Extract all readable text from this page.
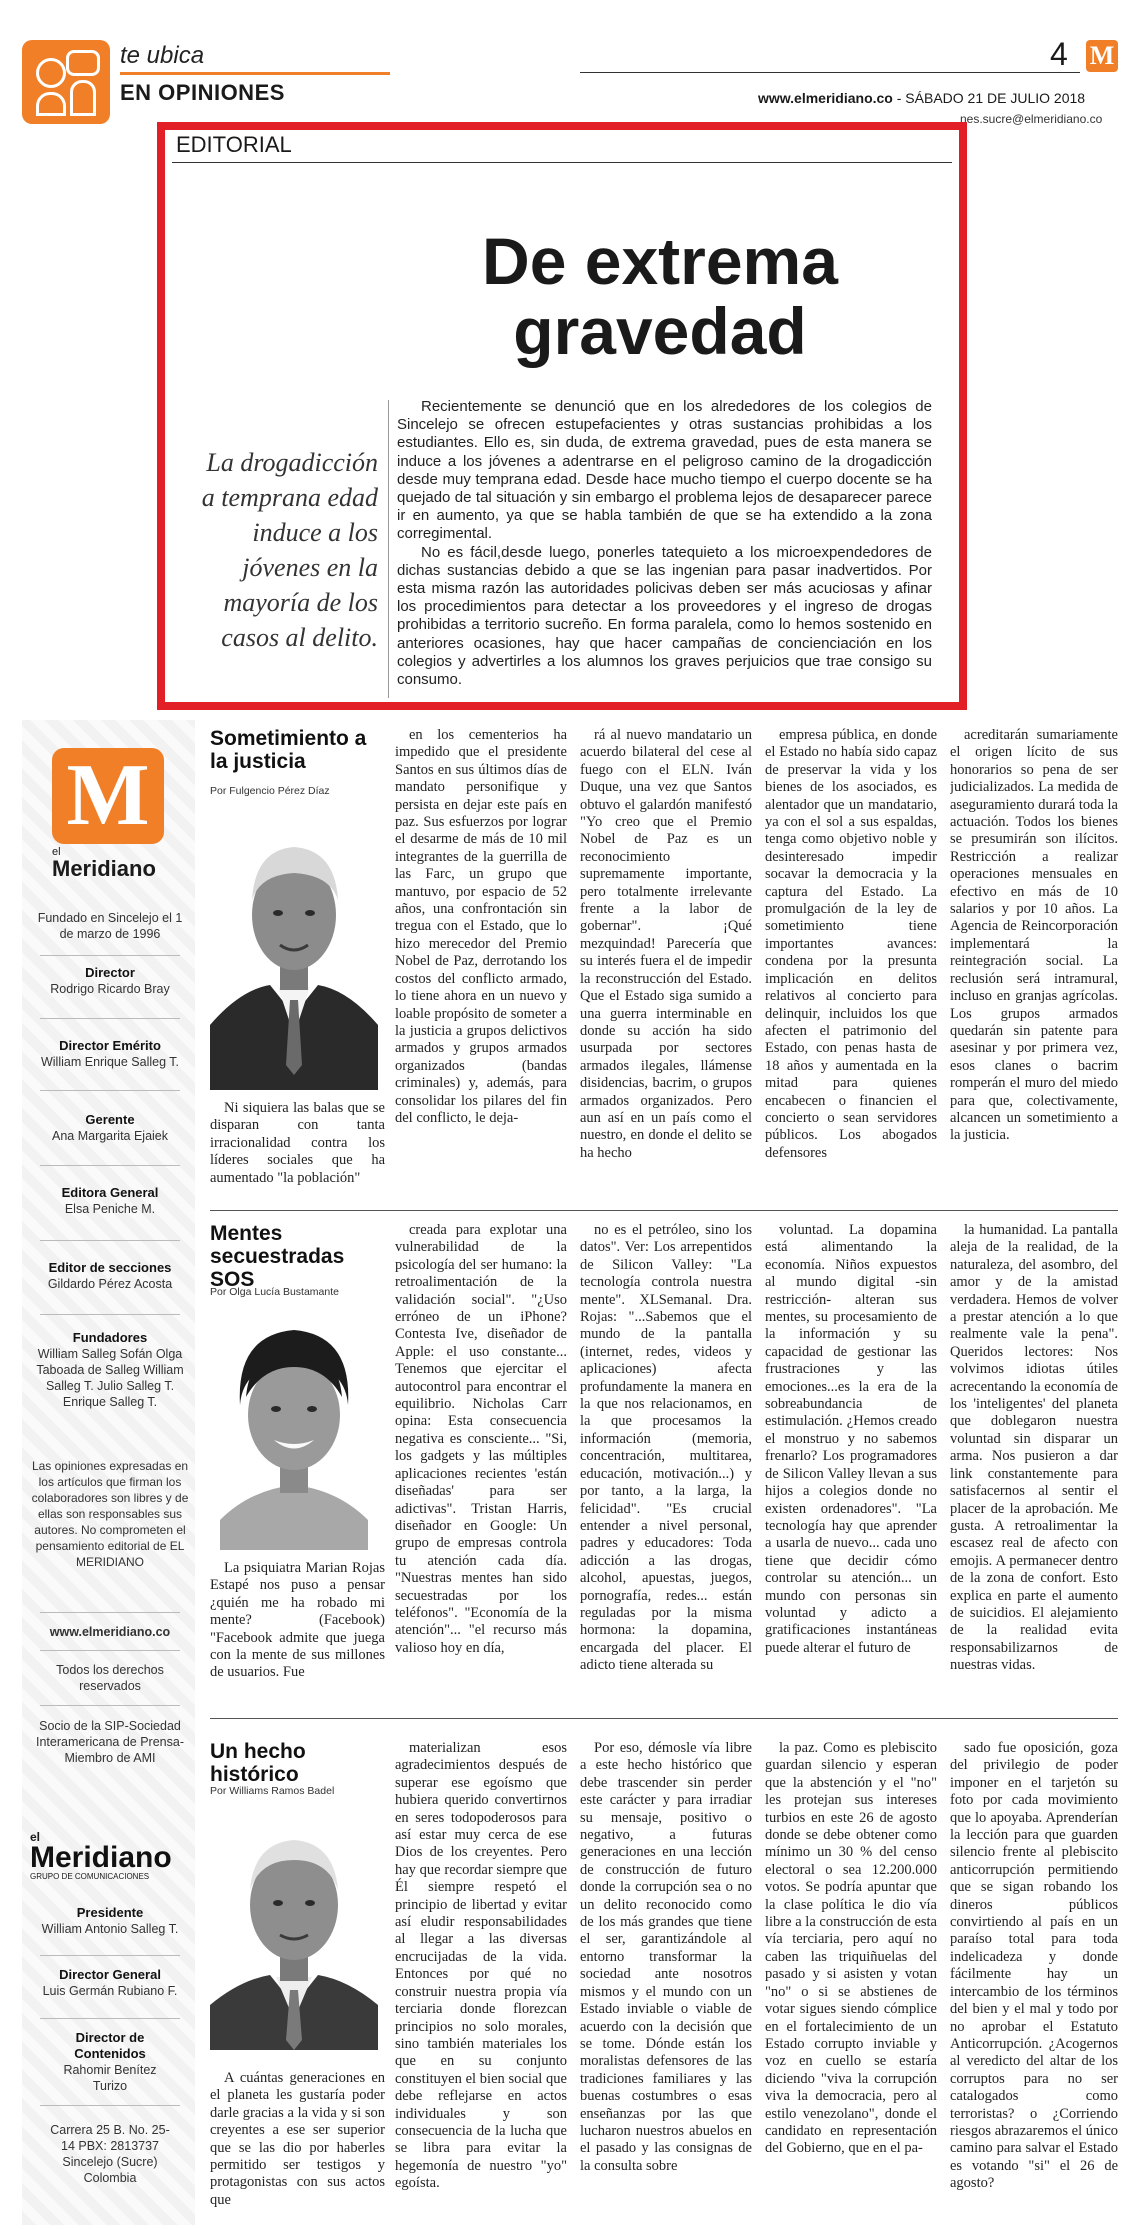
te ubica
EN OPINIONES
4 M
www.elmeridiano.co - SÁBADO 21 DE JULIO 2018
nes.sucre@elmeridiano.co
EDITORIAL
De extrema gravedad
La drogadicción a temprana edad induce a los jóvenes en la mayoría de los casos al delito.

Recientemente se denunció que en los alrededores de los colegios de Sincelejo se ofrecen estupefacientes y otras sustancias prohibidas a los estudiantes. Ello es, sin duda, de extrema gravedad, pues de esta manera se induce a los jóvenes a adentrarse en el peligroso camino de la drogadicción desde muy temprana edad. Desde hace mucho tiempo el cuerpo docente se ha quejado de tal situación y sin embargo el problema lejos de desaparecer parece ir en aumento, ya que se habla también de que se ha extendido a la zona corregimental.

No es fácil,desde luego, ponerles tatequieto a los microexpendedores de dichas sustancias debido a que se las ingenian para pasar inadvertidos. Por esta misma razón las autoridades policivas deben ser más acuciosas y afinar los procedimientos para detectar a los proveedores y el ingreso de drogas prohibidas a territorio sucreño. En forma paralela, como lo hemos sostenido en anteriores ocasiones, hay que hacer campañas de concienciación en los colegios y advertirles a los alumnos los graves perjuicios que trae consigo su consumo.

M
el
Meridiano
Fundado en Sincelejo el 1 de marzo de 1996
Director
Rodrigo Ricardo Bray
Director Emérito
William Enrique Salleg T.
Gerente
Ana Margarita Ejaiek
Editora General
Elsa Peniche M.
Editor de secciones
Gildardo Pérez Acosta
Fundadores
William Salleg Sofán Olga Taboada de Salleg William Salleg T. Julio Salleg T. Enrique Salleg T.
Las opiniones expresadas en los artículos que firman los colaboradores son libres y de ellas son responsables sus autores. No comprometen el pensamiento editorial de EL MERIDIANO
www.elmeridiano.co
Todos los derechos reservados
Socio de la SIP-Sociedad Interamericana de Prensa- Miembro de AMI
el
Meridiano
GRUPO DE COMUNICACIONES
Presidente
William Antonio Salleg T.
Director General
Luis Germán Rubiano F.
Director de Contenidos
Rahomir Benítez Turizo
Carrera 25 B. No. 25-14 PBX: 2813737 Sincelejo (Sucre) Colombia
Sometimiento a la justicia
Por Fulgencio Pérez Díaz

Ni siquiera las balas que se disparan con tanta irracionalidad contra los líderes sociales que ha aumentado "la población"

en los cementerios ha impedido que el presidente Santos en sus últimos días de mandato personifique y persista en dejar este país en paz. Sus esfuerzos por lograr el desarme de más de 10 mil integrantes de la guerrilla de las Farc, un grupo que mantuvo, por espacio de 52 años, una confrontación sin tregua con el Estado, que lo hizo merecedor del Premio Nobel de Paz, derrotando los costos del conflicto armado, lo tiene ahora en un nuevo y loable propósito de someter a la justicia a grupos delictivos armados y grupos armados organizados (bandas criminales) y, además, para consolidar los pilares del fin del conflicto, le deja-

rá al nuevo mandatario un acuerdo bilateral del cese al fuego con el ELN. Iván Duque, una vez que Santos obtuvo el galardón manifestó "Yo creo que el Premio Nobel de Paz es un reconocimiento supremamente importante, pero totalmente irrelevante frente a la labor de gobernar". ¡Qué mezquindad! Parecería que su interés fuera el de impedir la reconstrucción del Estado. Que el Estado siga sumido a una guerra interminable en donde su acción ha sido usurpada por sectores armados ilegales, llámense disidencias, bacrim, o grupos armados organizados. Pero aun así en un país como el nuestro, en donde el delito se ha hecho

empresa pública, en donde el Estado no había sido capaz de preservar la vida y los bienes de los asociados, es alentador que un mandatario, ya con el sol a sus espaldas, tenga como objetivo noble y desinteresado impedir socavar la democracia y la captura del Estado. La promulgación de la ley de sometimiento tiene importantes avances: condena por la presunta implicación en delitos relativos al concierto para delinquir, incluidos los que afecten el patrimonio del Estado, con penas hasta de 18 años y aumentada en la mitad para quienes encabecen o financien el concierto o sean servidores públicos. Los abogados defensores

acreditarán sumariamente el origen lícito de sus honorarios so pena de ser judicializados. La medida de aseguramiento durará toda la actuación. Todos los bienes se presumirán son ilícitos. Restricción a realizar operaciones mensuales en efectivo en más de 10 salarios y por 10 años. La Agencia de Reincorporación implementará la reintegración social. La reclusión será intramural, incluso en granjas agrícolas. Los grupos armados quedarán sin patente para asesinar y por primera vez, esos clanes o bacrim romperán el muro del miedo para que, colectivamente, alcancen un sometimiento a la justicia.

Mentes secuestradas SOS
Por Olga Lucía Bustamante

La psiquiatra Marian Rojas Estapé nos puso a pensar ¿quién me ha robado mi mente? (Facebook) "Facebook admite que juega con la mente de sus millones de usuarios. Fue

creada para explotar una vulnerabilidad de la psicología del ser humano: la retroalimentación de la validación social". "¿Uso erróneo de un iPhone? Contesta Ive, diseñador de Apple: el uso constante... Tenemos que ejercitar el autocontrol para encontrar el equilibrio. Nicholas Carr opina: Esta consecuencia negativa es consciente... "Si, los gadgets y las múltiples aplicaciones recientes 'están diseñadas' para ser adictivas". Tristan Harris, diseñador en Google: Un grupo de empresas controla tu atención cada día. "Nuestras mentes han sido secuestradas por los teléfonos". "Economía de la atención"... "el recurso más valioso hoy en día,

no es el petróleo, sino los datos". Ver: Los arrepentidos de Silicon Valley: "La tecnología controla nuestra mente". XLSemanal. Dra. Rojas: "...Sabemos que el mundo de la pantalla (internet, redes, videos y aplicaciones) afecta profundamente la manera en la que nos relacionamos, en la que procesamos la información (memoria, concentración, multitarea, educación, motivación...) y por tanto, a la larga, la felicidad". "Es crucial entender a nivel personal, padres y educadores: Toda adicción a las drogas, alcohol, apuestas, juegos, pornografía, redes... están reguladas por la misma hormona: la dopamina, encargada del placer. El adicto tiene alterada su

voluntad. La dopamina está alimentando la economía. Niños expuestos al mundo digital -sin restricción- alteran sus mentes, su procesamiento de la información y su capacidad de gestionar las frustraciones y las emociones...es la era de la sobreabundancia de estimulación. ¿Hemos creado el monstruo y no sabemos frenarlo? Los programadores de Silicon Valley llevan a sus hijos a colegios donde no existen ordenadores". "La tecnología hay que aprender a usarla de nuevo... cada uno tiene que decidir cómo controlar su atención... un mundo con personas sin voluntad y adicto a gratificaciones instantáneas puede alterar el futuro de

la humanidad. La pantalla aleja de la realidad, de la naturaleza, del asombro, del amor y de la amistad verdadera. Hemos de volver a prestar atención a lo que realmente vale la pena". Queridos lectores: Nos volvimos idiotas útiles acrecentando la economía de los 'inteligentes' del planeta que doblegaron nuestra voluntad sin disparar un arma. Nos pusieron a dar link constantemente para satisfacernos al sentir el placer de la aprobación. Me gusta. A retroalimentar la escasez real de afecto con emojis. A permanecer dentro de la zona de confort. Esto explica en parte el aumento de suicidios. El alejamiento de la realidad evita responsabilizarnos de nuestras vidas.

Un hecho histórico
Por Williams Ramos Badel

A cuántas generaciones en el planeta les gustaría poder darle gracias a la vida y si son creyentes a ese ser superior que se las dio por haberles permitido ser testigos y protagonistas con sus actos que

materializan esos agradecimientos después de superar ese egoísmo que hubiera querido convertirnos en seres todopoderosos para así estar muy cerca de ese Dios de los creyentes. Pero hay que recordar siempre que Él siempre respetó el principio de libertad y evitar así eludir responsabilidades al llegar a las diversas encrucijadas de la vida. Entonces por qué no construir nuestra propia vía terciaria donde florezcan principios no solo morales, sino también materiales los que en su conjunto constituyen el bien social que debe reflejarse en actos individuales y son consecuencia de la lucha que se libra para evitar la hegemonía de nuestro "yo" egoísta.

Por eso, démosle vía libre a este hecho histórico que debe trascender sin perder este carácter y para irradiar su mensaje, positivo o negativo, a futuras generaciones en una lección de construcción de futuro donde la corrupción sea o no un delito reconocido como de los más grandes que tiene el ser, garantizándole al entorno transformar la sociedad ante nosotros mismos y el mundo con un Estado inviable o viable de acuerdo con la decisión que se tome. Dónde están los moralistas defensores de las tradiciones familiares y las buenas costumbres o esas enseñanzas por las que lucharon nuestros abuelos en el pasado y las consignas de la consulta sobre

la paz. Como es plebiscito guardan silencio y esperan que la abstención y el "no" les protejan sus intereses turbios en este 26 de agosto donde se debe obtener como mínimo un 30 % del censo electoral o sea 12.200.000 votos. Se podría apuntar que la clase política le dio vía libre a la construcción de esta vía terciaria, pero aquí no caben las triquiñuelas del pasado y si asisten y votan "no" o si se abstienes de votar sigues siendo cómplice en el fortalecimiento de un Estado corrupto inviable y voz en cuello se estaría diciendo "viva la corrupción viva la democracia, pero al estilo venezolano", donde el candidato en representación del Gobierno, que en el pa-

sado fue oposición, goza del privilegio de poder imponer en el tarjetón su foto por cada movimiento que lo apoyaba. Aprenderían la lección para que guarden silencio frente al plebiscito anticorrupción permitiendo que se sigan robando los dineros públicos convirtiendo al país en un paraíso total para toda indelicadeza y donde fácilmente hay un intercambio de los términos del bien y el mal y todo por no aprobar el Estatuto Anticorrupción. ¿Acogernos al veredicto del altar de los corruptos para no ser catalogados como terroristas? o ¿Corriendo riesgos abrazaremos el único camino para salvar el Estado es votando "si" el 26 de agosto?
